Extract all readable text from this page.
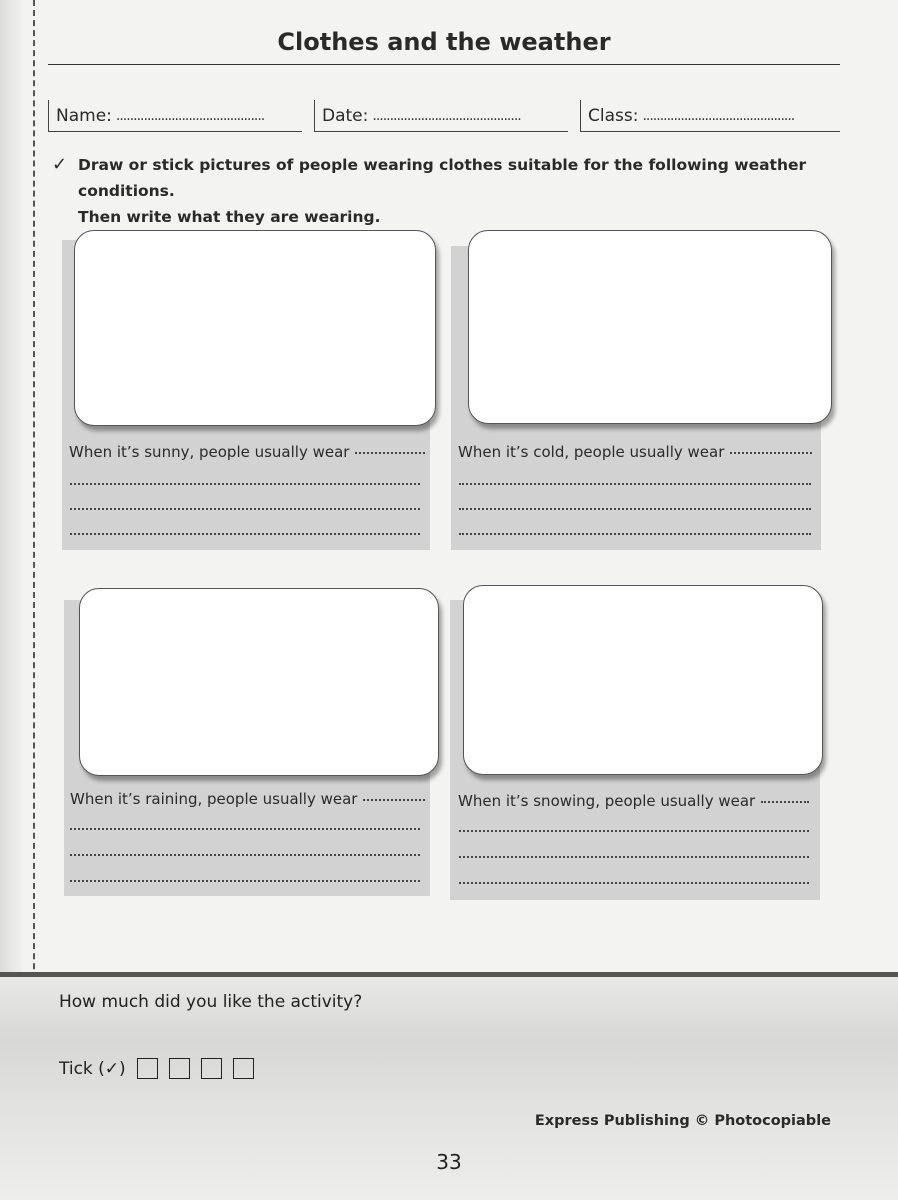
Clothes and the weather
Name: ...........................................	Date: ...........................................	Class: ............................................
✓ Draw or stick pictures of people wearing clothes suitable for the following weather conditions.
Then write what they are wearing.
When it’s sunny, people usually wear	When it’s cold, people usually wear
When it’s raining, people usually wear	When it’s snowing, people usually wear
How much did you like the activity?
Tick (✓)
Express Publishing © Photocopiable
33
